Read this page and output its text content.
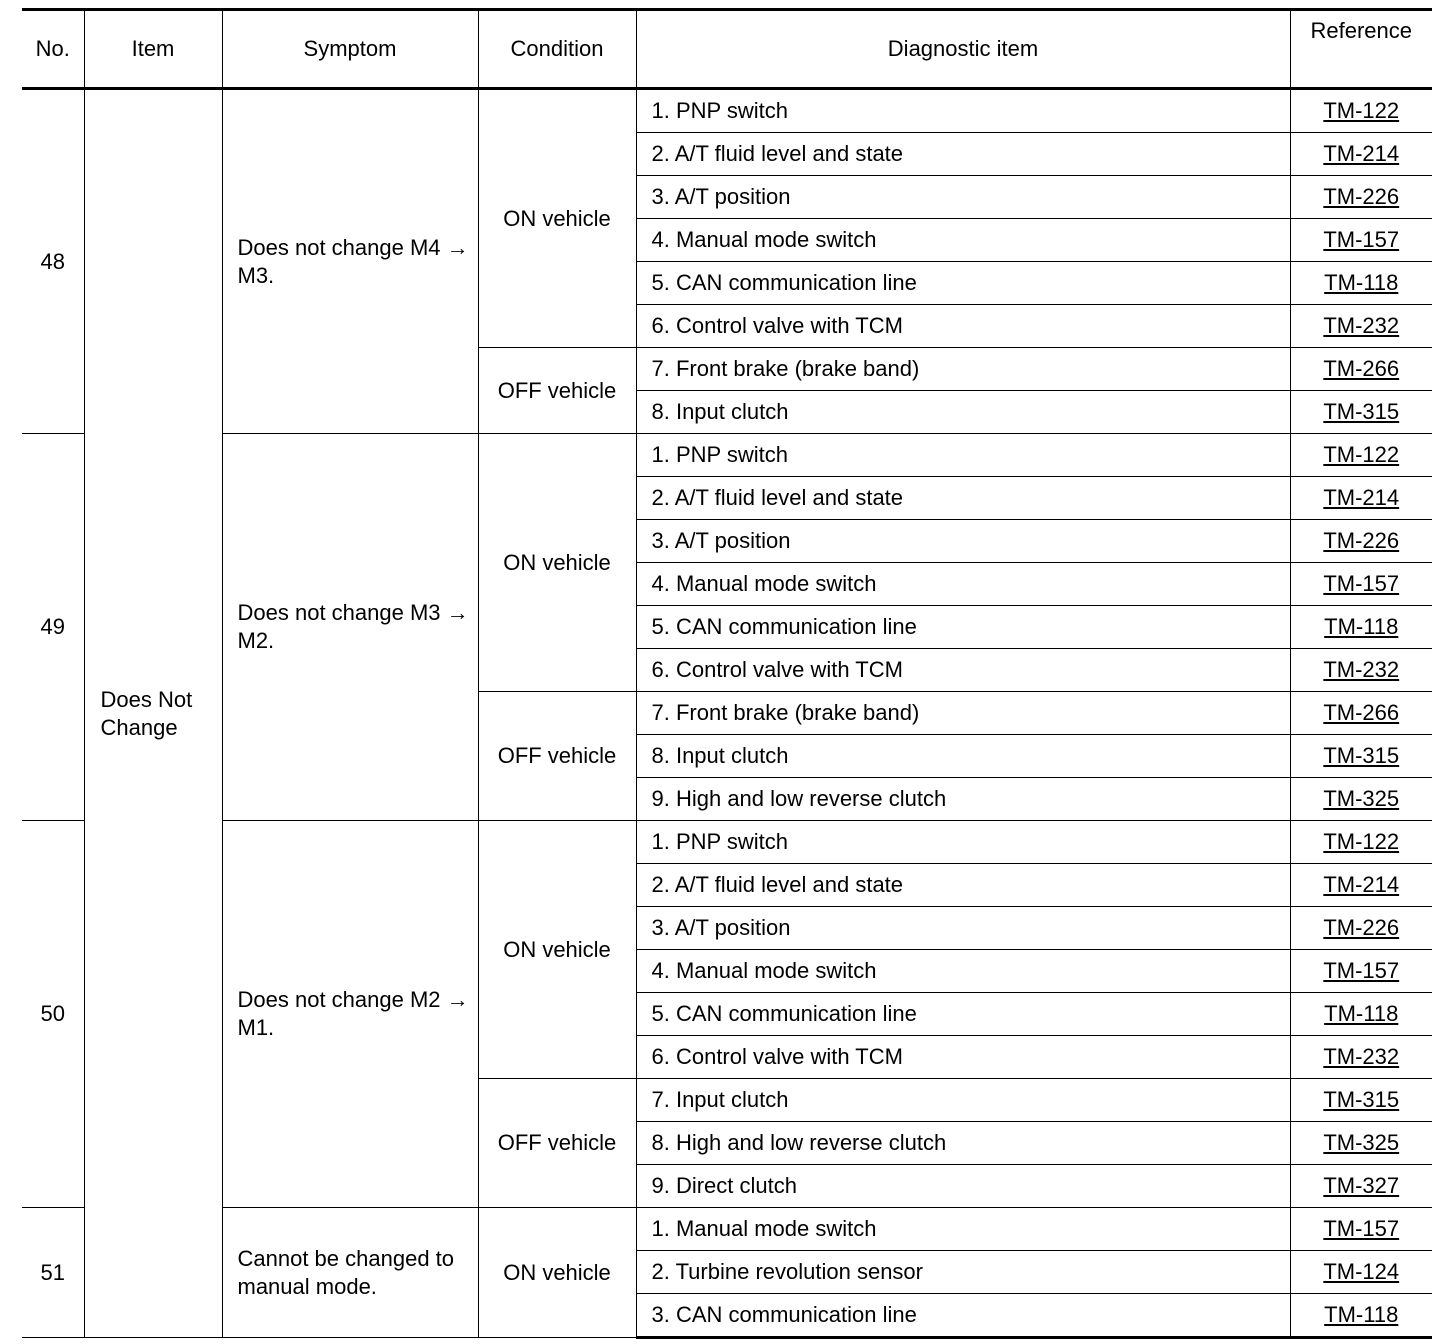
No.	Item	Symptom	Condition	Diagnostic item	Reference
48	Does Not Change	Does not change M4 → M3.	ON vehicle	1. PNP switch	TM-122
				2. A/T fluid level and state	TM-214
				3. A/T position	TM-226
				4. Manual mode switch	TM-157
				5. CAN communication line	TM-118
				6. Control valve with TCM	TM-232
			OFF vehicle	7. Front brake (brake band)	TM-266
				8. Input clutch	TM-315
49		Does not change M3 → M2.	ON vehicle	1. PNP switch	TM-122
				2. A/T fluid level and state	TM-214
				3. A/T position	TM-226
				4. Manual mode switch	TM-157
				5. CAN communication line	TM-118
				6. Control valve with TCM	TM-232
			OFF vehicle	7. Front brake (brake band)	TM-266
				8. Input clutch	TM-315
				9. High and low reverse clutch	TM-325
50		Does not change M2 → M1.	ON vehicle	1. PNP switch	TM-122
				2. A/T fluid level and state	TM-214
				3. A/T position	TM-226
				4. Manual mode switch	TM-157
				5. CAN communication line	TM-118
				6. Control valve with TCM	TM-232
			OFF vehicle	7. Input clutch	TM-315
				8. High and low reverse clutch	TM-325
				9. Direct clutch	TM-327
51		Cannot be changed to manual mode.	ON vehicle	1. Manual mode switch	TM-157
				2. Turbine revolution sensor	TM-124
				3. CAN communication line	TM-118
